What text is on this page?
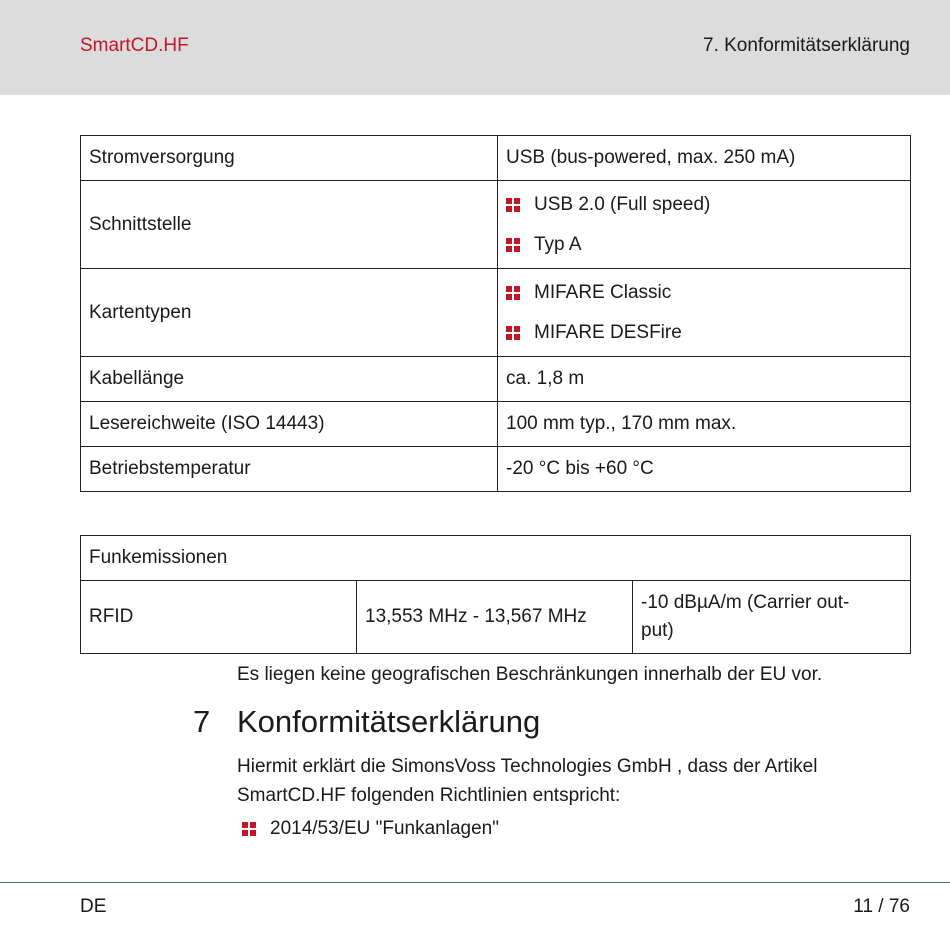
SmartCD.HF	7. Konformitätserklärung
Stromversorgung	USB (bus-powered, max. 250 mA)
Schnittstelle	USB 2.0 (Full speed)
Typ A

Kartentypen	MIFARE Classic
MIFARE DESFire

Kabellänge	ca. 1,8 m
Lesereichweite (ISO 14443)	100 mm typ., 170 mm max.
Betriebstemperatur	-20 °C bis +60 °C
Funkemissionen
RFID	13,553 MHz - 13,567 MHz	-10 dBµA/m (Carrier out-
put)
Es liegen keine geografischen Beschränkungen innerhalb der EU vor.
7 Konformitätserklärung
Hiermit erklärt die SimonsVoss Technologies GmbH , dass der Artikel SmartCD.HF folgenden Richtlinien entspricht:
2014/53/EU "Funkanlagen"
DE	11 / 76
